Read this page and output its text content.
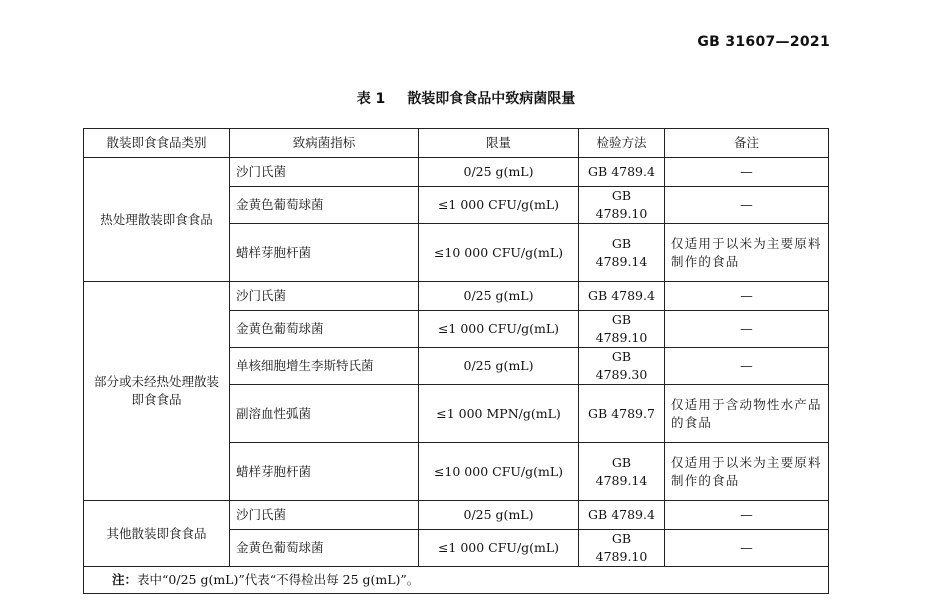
GB 31607—2021
表 1 散装即食食品中致病菌限量
散装即食食品类别	致病菌指标	限量	检验方法	备注
热处理散装即食食品	沙门氏菌	0/25 g(mL)	GB 4789.4	—
	金黄色葡萄球菌	≤1 000 CFU/g(mL)	GB 4789.10	—
	蜡样芽胞杆菌	≤10 000 CFU/g(mL)	GB 4789.14	仅适用于以米为主要原料制作的食品
部分或未经热处理散装即食食品	沙门氏菌	0/25 g(mL)	GB 4789.4	—
	金黄色葡萄球菌	≤1 000 CFU/g(mL)	GB 4789.10	—
	单核细胞增生李斯特氏菌	0/25 g(mL)	GB 4789.30	—
	副溶血性弧菌	≤1 000 MPN/g(mL)	GB 4789.7	仅适用于含动物性水产品的食品
	蜡样芽胞杆菌	≤10 000 CFU/g(mL)	GB 4789.14	仅适用于以米为主要原料制作的食品
其他散装即食食品	沙门氏菌	0/25 g(mL)	GB 4789.4	—
	金黄色葡萄球菌	≤1 000 CFU/g(mL)	GB 4789.10	—
注：表中“0/25 g(mL)”代表“不得检出每 25 g(mL)”。				
